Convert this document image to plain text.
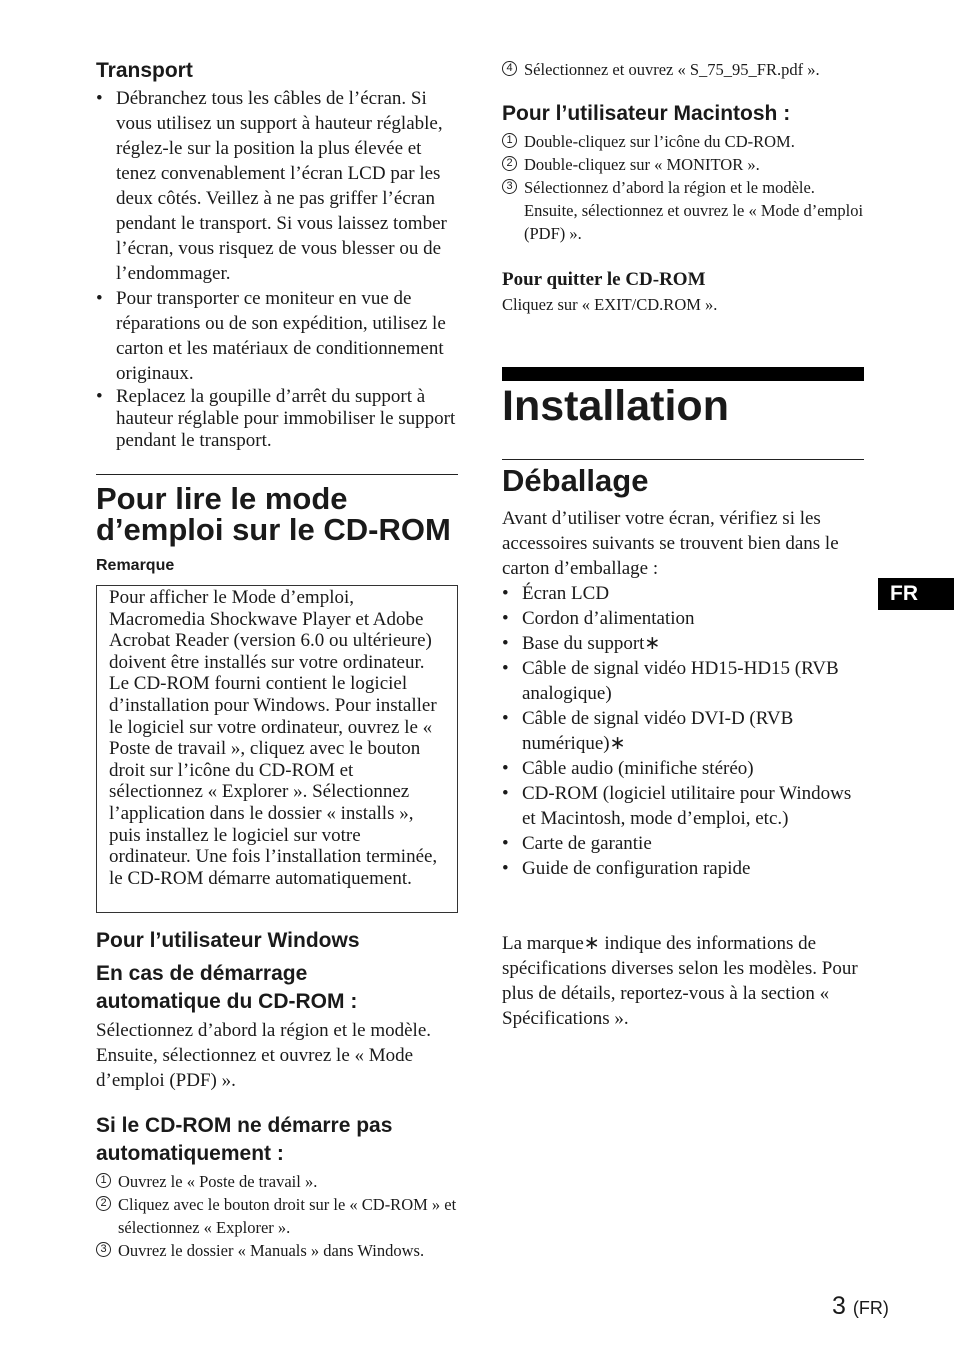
Transport
• Débranchez tous les câbles de l’écran. Si vous utilisez un support à hauteur réglable, réglez-le sur la position la plus élevée et tenez convenablement l’écran LCD par les deux côtés. Veillez à ne pas griffer l’écran pendant le transport. Si vous laissez tomber l’écran, vous risquez de vous blesser ou de l’endommager.
• Pour transporter ce moniteur en vue de réparations ou de son expédition, utilisez le carton et les matériaux de conditionnement originaux.
• Replacez la goupille d’arrêt du support à hauteur réglable pour immobiliser le support pendant le transport.
Pour lire le mode
d’emploi sur le CD-ROM
Remarque
Pour afficher le Mode d’emploi, Macromedia Shockwave Player et Adobe Acrobat Reader (version 6.0 ou ultérieure) doivent être installés sur votre ordinateur. Le CD-ROM fourni contient le logiciel d’installation pour Windows. Pour installer le logiciel sur votre ordinateur, ouvrez le « Poste de travail », cliquez avec le bouton droit sur l’icône du CD-ROM et sélectionnez « Explorer ». Sélectionnez l’application dans le dossier « installs », puis installez le logiciel sur votre ordinateur. Une fois l’installation terminée, le CD-ROM démarre automatiquement.
Pour l’utilisateur Windows
En cas de démarrage automatique du CD-ROM :

Sélectionnez d’abord la région et le modèle. Ensuite, sélectionnez et ouvrez le « Mode d’emploi (PDF) ».

Si le CD-ROM ne démarre pas automatiquement :
1 Ouvrez le « Poste de travail ».
2 Cliquez avec le bouton droit sur le « CD-ROM » et sélectionnez « Explorer ».
3 Ouvrez le dossier « Manuals » dans Windows.
4 Sélectionnez et ouvrez « S_75_95_FR.pdf ».
Pour l’utilisateur Macintosh :
1 Double-cliquez sur l’icône du CD-ROM.
2 Double-cliquez sur « MONITOR ».
3 Sélectionnez d’abord la région et le modèle. Ensuite, sélectionnez et ouvrez le « Mode d’emploi (PDF) ».
Pour quitter le CD-ROM

Cliquez sur « EXIT/CD.ROM ».

Installation
Déballage

Avant d’utiliser votre écran, vérifiez si les accessoires suivants se trouvent bien dans le carton d’emballage :

• Écran LCD
• Cordon d’alimentation
• Base du support∗
• Câble de signal vidéo HD15-HD15 (RVB analogique)
• Câble de signal vidéo DVI-D (RVB numérique)∗
• Câble audio (minifiche stéréo)
• CD-ROM (logiciel utilitaire pour Windows et Macintosh, mode d’emploi, etc.)
• Carte de garantie
• Guide de configuration rapide

La marque∗ indique des informations de spécifications diverses selon les modèles. Pour plus de détails, reportez-vous à la section « Spécifications ».

FR
3 (FR)
